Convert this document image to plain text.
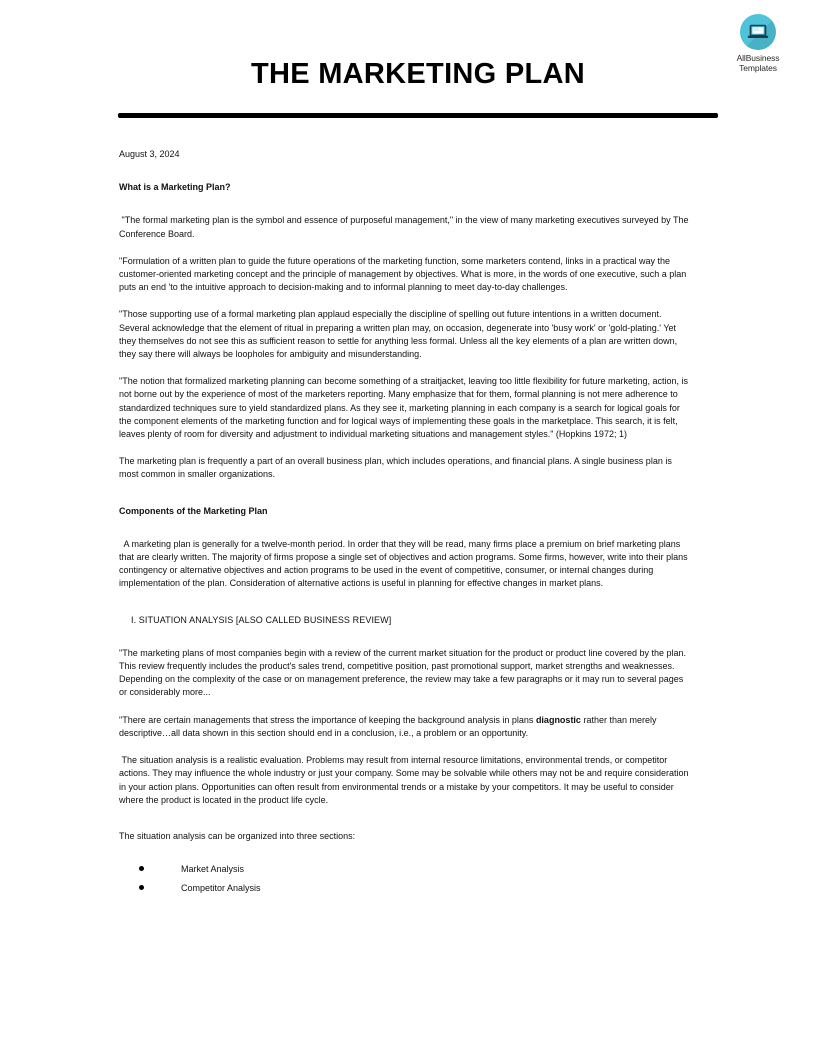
AllBusiness
Templates
THE MARKETING PLAN

August 3, 2024

What is a Marketing Plan?

"The formal marketing plan is the symbol and essence of purposeful management," in the view of many marketing executives surveyed by The Conference Board.

"Formulation of a written plan to guide the future operations of the marketing function, some marketers contend, links in a practical way the customer-oriented marketing concept and the principle of management by objectives. What is more, in the words of one executive, such a plan puts an end 'to the intuitive approach to decision-making and to informal planning to meet day-to-day challenges.

"Those supporting use of a formal marketing plan applaud especially the discipline of spelling out future intentions in a written document. Several acknowledge that the element of ritual in preparing a written plan may, on occasion, degenerate into 'busy work' or 'gold-plating.' Yet they themselves do not see this as sufficient reason to settle for anything less formal. Unless all the key elements of a plan are written down, they say there will always be loopholes for ambiguity and misunderstanding.

"The notion that formalized marketing planning can become something of a straitjacket, leaving too little flexibility for future marketing, action, is not borne out by the experience of most of the marketers reporting. Many emphasize that for them, formal planning is not mere adherence to standardized techniques sure to yield standardized plans. As they see it, marketing planning in each company is a search for logical goals for the component elements of the marketing function and for logical ways of implementing these goals in the marketplace. This search, it is felt, leaves plenty of room for diversity and adjustment to individual marketing situations and management styles." (Hopkins 1972; 1)

The marketing plan is frequently a part of an overall business plan, which includes operations, and financial plans. A single business plan is most common in smaller organizations.

Components of the Marketing Plan

A marketing plan is generally for a twelve-month period. In order that they will be read, many firms place a premium on brief marketing plans that are clearly written. The majority of firms propose a single set of objectives and action programs. Some firms, however, write into their plans contingency or alternative objectives and action programs to be used in the event of competitive, consumer, or internal changes during implementation of the plan. Consideration of alternative actions is useful in planning for effective changes in market plans.

I. SITUATION ANALYSIS [ALSO CALLED BUSINESS REVIEW]

"The marketing plans of most companies begin with a review of the current market situation for the product or product line covered by the plan. This review frequently includes the product's sales trend, competitive position, past promotional support, market strengths and weaknesses. Depending on the complexity of the case or on management preference, the review may take a few paragraphs or it may run to several pages or considerably more...

"There are certain managements that stress the importance of keeping the background analysis in plans diagnostic rather than merely descriptive…all data shown in this section should end in a conclusion, i.e., a problem or an opportunity.

The situation analysis is a realistic evaluation. Problems may result from internal resource limitations, environmental trends, or competitor actions. They may influence the whole industry or just your company. Some may be solvable while others may not be and require consideration in your action plans. Opportunities can often result from environmental trends or a mistake by your competitors. It may be useful to consider where the product is located in the product life cycle.

The situation analysis can be organized into three sections:

Market Analysis
Competitor Analysis
